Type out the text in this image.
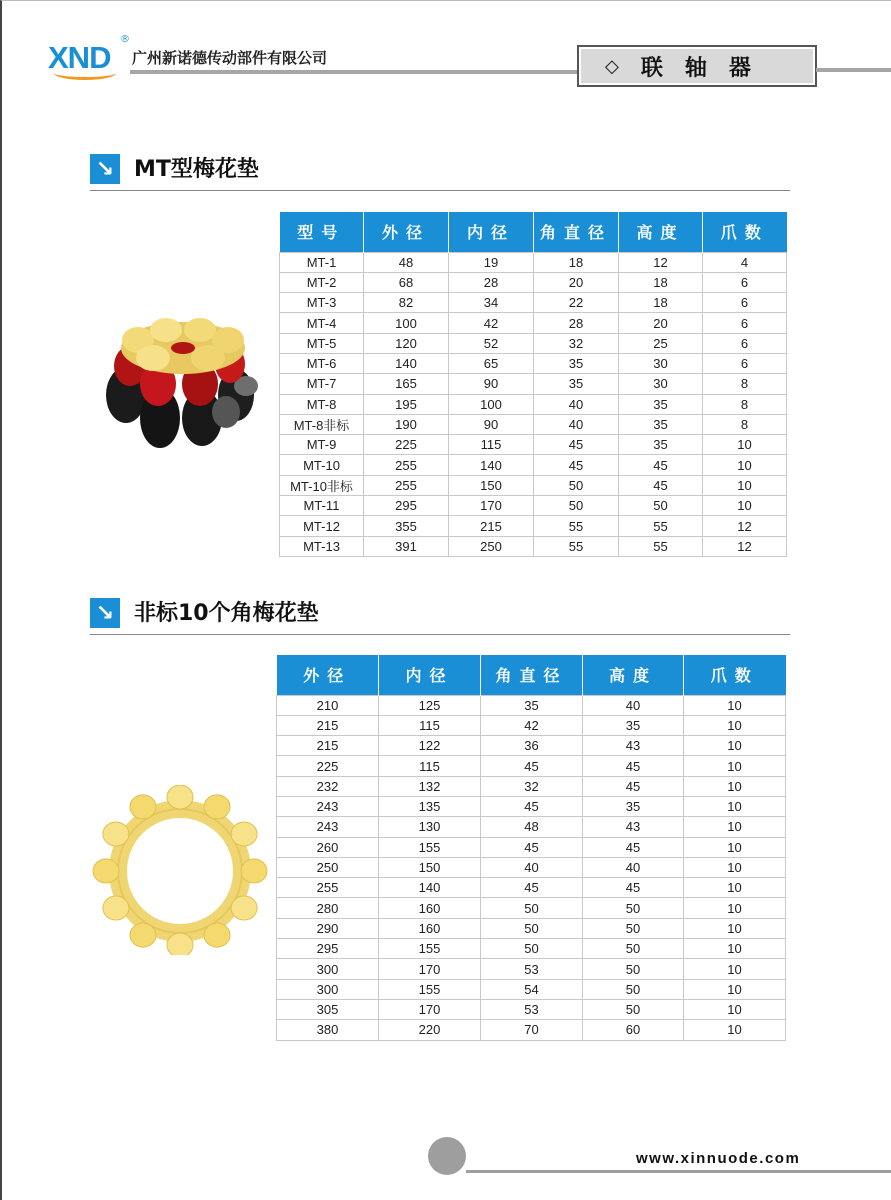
XND
®
广州新诺德传动部件有限公司	◇ 联轴器
↘ MT型梅花垫
型号	外径	内径	角直径	高度	爪数
MT-1	48	19	18	12	4
MT-2	68	28	20	18	6
MT-3	82	34	22	18	6
MT-4	100	42	28	20	6
MT-5	120	52	32	25	6
MT-6	140	65	35	30	6
MT-7	165	90	35	30	8
MT-8	195	100	40	35	8
MT-8非标	190	90	40	35	8
MT-9	225	115	45	35	10
MT-10	255	140	45	45	10
MT-10非标	255	150	50	45	10
MT-11	295	170	50	50	10
MT-12	355	215	55	55	12
MT-13	391	250	55	55	12
↘ 非标10个角梅花垫
外径	内径	角直径	高度	爪数
210	125	35	40	10
215	115	42	35	10
215	122	36	43	10
225	115	45	45	10
232	132	32	45	10
243	135	45	35	10
243	130	48	43	10
260	155	45	45	10
250	150	40	40	10
255	140	45	45	10
280	160	50	50	10
290	160	50	50	10
295	155	50	50	10
300	170	53	50	10
300	155	54	50	10
305	170	53	50	10
380	220	70	60	10
www.xinnuode.com
